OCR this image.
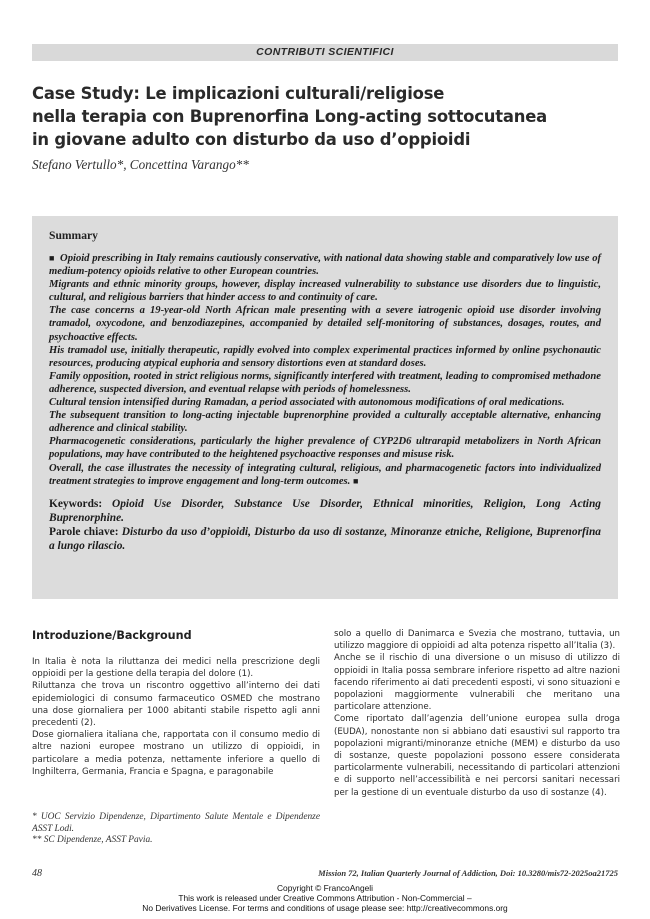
CONTRIBUTI SCIENTIFICI
Case Study: Le implicazioni culturali/religiose
nella terapia con Buprenorfina Long-acting sottocutanea
in giovane adulto con disturbo da uso d’oppioidi
Stefano Vertullo*, Concettina Varango**
Summary

■ Opioid prescribing in Italy remains cautiously conservative, with national data showing stable and comparatively low use of medium-potency opioids relative to other European countries.

Migrants and ethnic minority groups, however, display increased vulnerability to substance use disorders due to linguistic, cultural, and religious barriers that hinder access to and continuity of care.

The case concerns a 19-year-old North African male presenting with a severe iatrogenic opioid use disorder involving tramadol, oxycodone, and benzodiazepines, accompanied by detailed self-monitoring of substances, dosages, routes, and psychoactive effects.

His tramadol use, initially therapeutic, rapidly evolved into complex experimental practices informed by online psychonautic resources, producing atypical euphoria and sensory distortions even at standard doses.

Family opposition, rooted in strict religious norms, significantly interfered with treatment, leading to compromised methadone adherence, suspected diversion, and eventual relapse with periods of homelessness.

Cultural tension intensified during Ramadan, a period associated with autonomous modifications of oral medications.

The subsequent transition to long-acting injectable buprenorphine provided a culturally acceptable alternative, enhancing adherence and clinical stability.

Pharmacogenetic considerations, particularly the higher prevalence of CYP2D6 ultrarapid metabolizers in North African populations, may have contributed to the heightened psychoactive responses and misuse risk.

Overall, the case illustrates the necessity of integrating cultural, religious, and pharmacogenetic factors into individualized treatment strategies to improve engagement and long-term outcomes. ■

Keywords: Opioid Use Disorder, Substance Use Disorder, Ethnical minorities, Religion, Long Acting Buprenorphine.

Parole chiave: Disturbo da uso d’oppioidi, Disturbo da uso di sostanze, Minoranze etniche, Religione, Buprenorfina a lungo rilascio.

Introduzione/Background

In Italia è nota la riluttanza dei medici nella prescrizione degli oppioidi per la gestione della terapia del dolore (1).

Riluttanza che trova un riscontro oggettivo all’interno dei dati epidemiologici di consumo farmaceutico OSMED che mostrano una dose giornaliera per 1000 abitanti stabile rispetto agli anni precedenti (2).

Dose giornaliera italiana che, rapportata con il consumo medio di altre nazioni europee mostrano un utilizzo di oppioidi, in particolare a media potenza, nettamente inferiore a quello di Inghilterra, Germania, Francia e Spagna, e paragonabile

solo a quello di Danimarca e Svezia che mostrano, tuttavia, un utilizzo maggiore di oppioidi ad alta potenza rispetto all’Italia (3).

Anche se il rischio di una diversione o un misuso di utilizzo di oppioidi in Italia possa sembrare inferiore rispetto ad altre nazioni facendo riferimento ai dati precedenti esposti, vi sono situazioni e popolazioni maggiormente vulnerabili che meritano una particolare attenzione.

Come riportato dall’agenzia dell’unione europea sulla droga (EUDA), nonostante non si abbiano dati esaustivi sul rapporto tra popolazioni migranti/minoranze etniche (MEM) e disturbo da uso di sostanze, queste popolazioni possono essere considerata particolarmente vulnerabili, necessitando di particolari attenzioni e di supporto nell’accessibilità e nei percorsi sanitari necessari per la gestione di un eventuale disturbo da uso di sostanze (4).

* UOC Servizio Dipendenze, Dipartimento Salute Mentale e Dipendenze ASST Lodi.

** SC Dipendenze, ASST Pavia.

48	Mission 72, Italian Quarterly Journal of Addiction, Doi: 10.3280/mis72-2025oa21725
Copyright © FrancoAngeli
This work is released under Creative Commons Attribution - Non-Commercial –
No Derivatives License. For terms and conditions of usage please see: http://creativecommons.org
